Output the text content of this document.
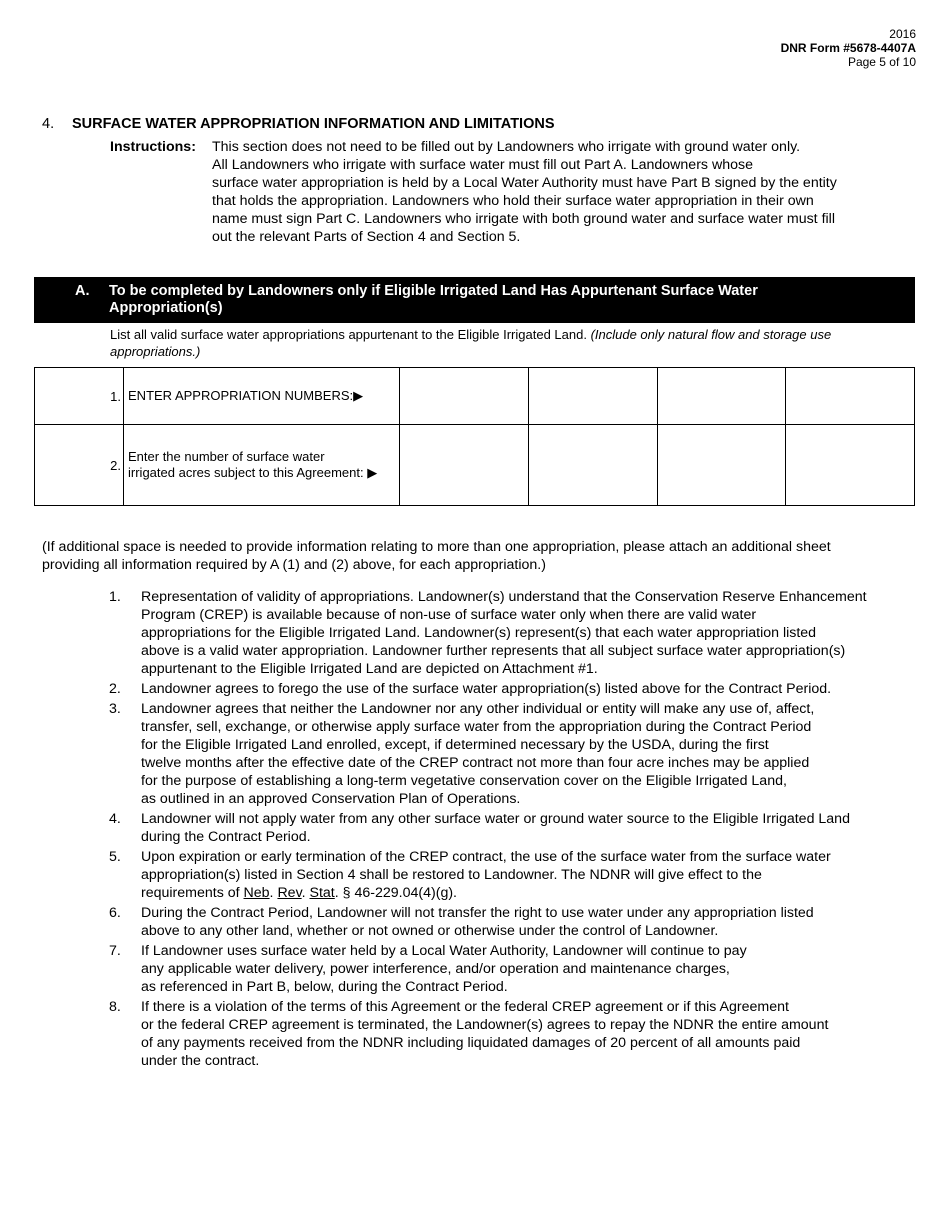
2016
DNR Form #5678-4407A
Page 5 of 10
4. SURFACE WATER APPROPRIATION INFORMATION AND LIMITATIONS
Instructions: This section does not need to be filled out by Landowners who irrigate with ground water only.
All Landowners who irrigate with surface water must fill out Part A. Landowners whose
surface water appropriation is held by a Local Water Authority must have Part B signed by the entity
that holds the appropriation. Landowners who hold their surface water appropriation in their own
name must sign Part C. Landowners who irrigate with both ground water and surface water must fill
out the relevant Parts of Section 4 and Section 5.
A. To be completed by Landowners only if Eligible Irrigated Land Has Appurtenant Surface Water
Appropriation(s)
List all valid surface water appropriations appurtenant to the Eligible Irrigated Land. (Include only natural flow and storage use
appropriations.)
1.	ENTER APPROPRIATION NUMBERS:▶				

2.	Enter the number of surface water
irrigated acres subject to this Agreement: ▶				

(If additional space is needed to provide information relating to more than one appropriation, please attach an additional sheet
providing all information required by A (1) and (2) above, for each appropriation.)
1. Representation of validity of appropriations. Landowner(s) understand that the Conservation Reserve Enhancement
Program (CREP) is available because of non-use of surface water only when there are valid water
appropriations for the Eligible Irrigated Land. Landowner(s) represent(s) that each water appropriation listed
above is a valid water appropriation. Landowner further represents that all subject surface water appropriation(s)
appurtenant to the Eligible Irrigated Land are depicted on Attachment #1.
2. Landowner agrees to forego the use of the surface water appropriation(s) listed above for the Contract Period.
3. Landowner agrees that neither the Landowner nor any other individual or entity will make any use of, affect,
transfer, sell, exchange, or otherwise apply surface water from the appropriation during the Contract Period
for the Eligible Irrigated Land enrolled, except, if determined necessary by the USDA, during the first
twelve months after the effective date of the CREP contract not more than four acre inches may be applied
for the purpose of establishing a long-term vegetative conservation cover on the Eligible Irrigated Land,
as outlined in an approved Conservation Plan of Operations.
4. Landowner will not apply water from any other surface water or ground water source to the Eligible Irrigated Land
during the Contract Period.
5. Upon expiration or early termination of the CREP contract, the use of the surface water from the surface water
appropriation(s) listed in Section 4 shall be restored to Landowner. The NDNR will give effect to the
requirements of Neb. Rev. Stat. § 46-229.04(4)(g).
6. During the Contract Period, Landowner will not transfer the right to use water under any appropriation listed
above to any other land, whether or not owned or otherwise under the control of Landowner.
7. If Landowner uses surface water held by a Local Water Authority, Landowner will continue to pay
any applicable water delivery, power interference, and/or operation and maintenance charges,
as referenced in Part B, below, during the Contract Period.
8. If there is a violation of the terms of this Agreement or the federal CREP agreement or if this Agreement
or the federal CREP agreement is terminated, the Landowner(s) agrees to repay the NDNR the entire amount
of any payments received from the NDNR including liquidated damages of 20 percent of all amounts paid
under the contract.
